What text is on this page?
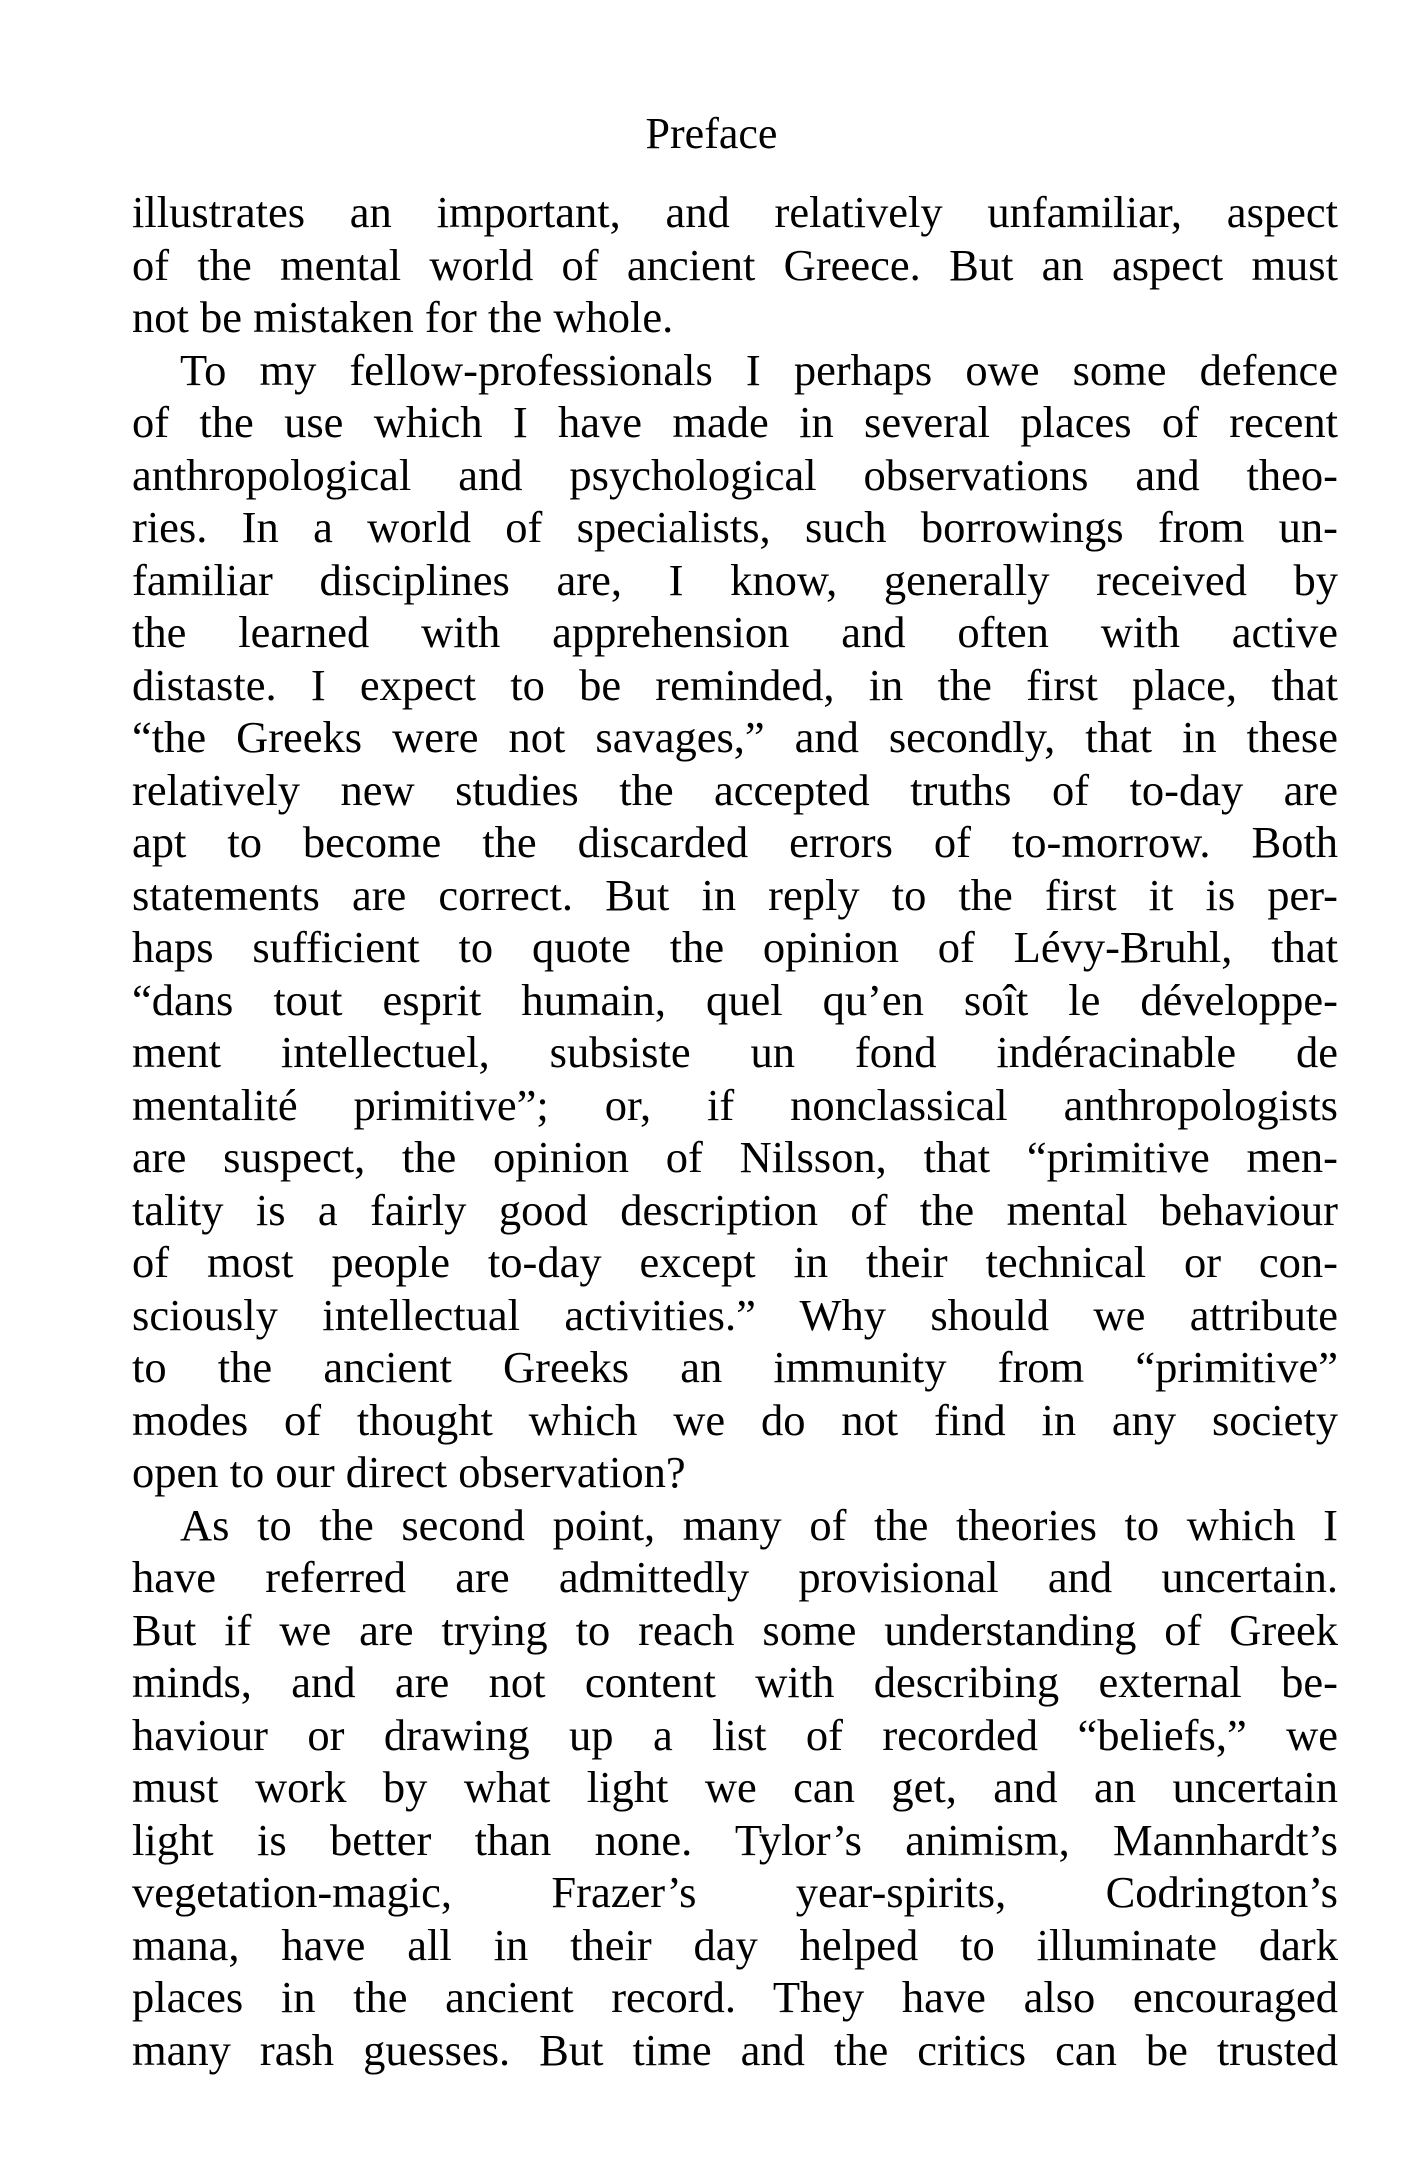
Preface
illustrates an important, and relatively unfamiliar, aspect
of the mental world of ancient Greece. But an aspect must
not be mistaken for the whole.
To my fellow-professionals I perhaps owe some defence
of the use which I have made in several places of recent
anthropological and psychological observations and theo-
ries. In a world of specialists, such borrowings from un-
familiar disciplines are, I know, generally received by
the learned with apprehension and often with active
distaste. I expect to be reminded, in the first place, that
“the Greeks were not savages,” and secondly, that in these
relatively new studies the accepted truths of to-day are
apt to become the discarded errors of to-morrow. Both
statements are correct. But in reply to the first it is per-
haps sufficient to quote the opinion of Lévy-Bruhl, that
“dans tout esprit humain, quel qu’en soît le développe-
ment intellectuel, subsiste un fond indéracinable de
mentalité primitive”; or, if nonclassical anthropologists
are suspect, the opinion of Nilsson, that “primitive men-
tality is a fairly good description of the mental behaviour
of most people to-day except in their technical or con-
sciously intellectual activities.” Why should we attribute
to the ancient Greeks an immunity from “primitive”
modes of thought which we do not find in any society
open to our direct observation?
As to the second point, many of the theories to which I
have referred are admittedly provisional and uncertain.
But if we are trying to reach some understanding of Greek
minds, and are not content with describing external be-
haviour or drawing up a list of recorded “beliefs,” we
must work by what light we can get, and an uncertain
light is better than none. Tylor’s animism, Mannhardt’s
vegetation-magic, Frazer’s year-spirits, Codrington’s
mana, have all in their day helped to illuminate dark
places in the ancient record. They have also encouraged
many rash guesses. But time and the critics can be trusted
